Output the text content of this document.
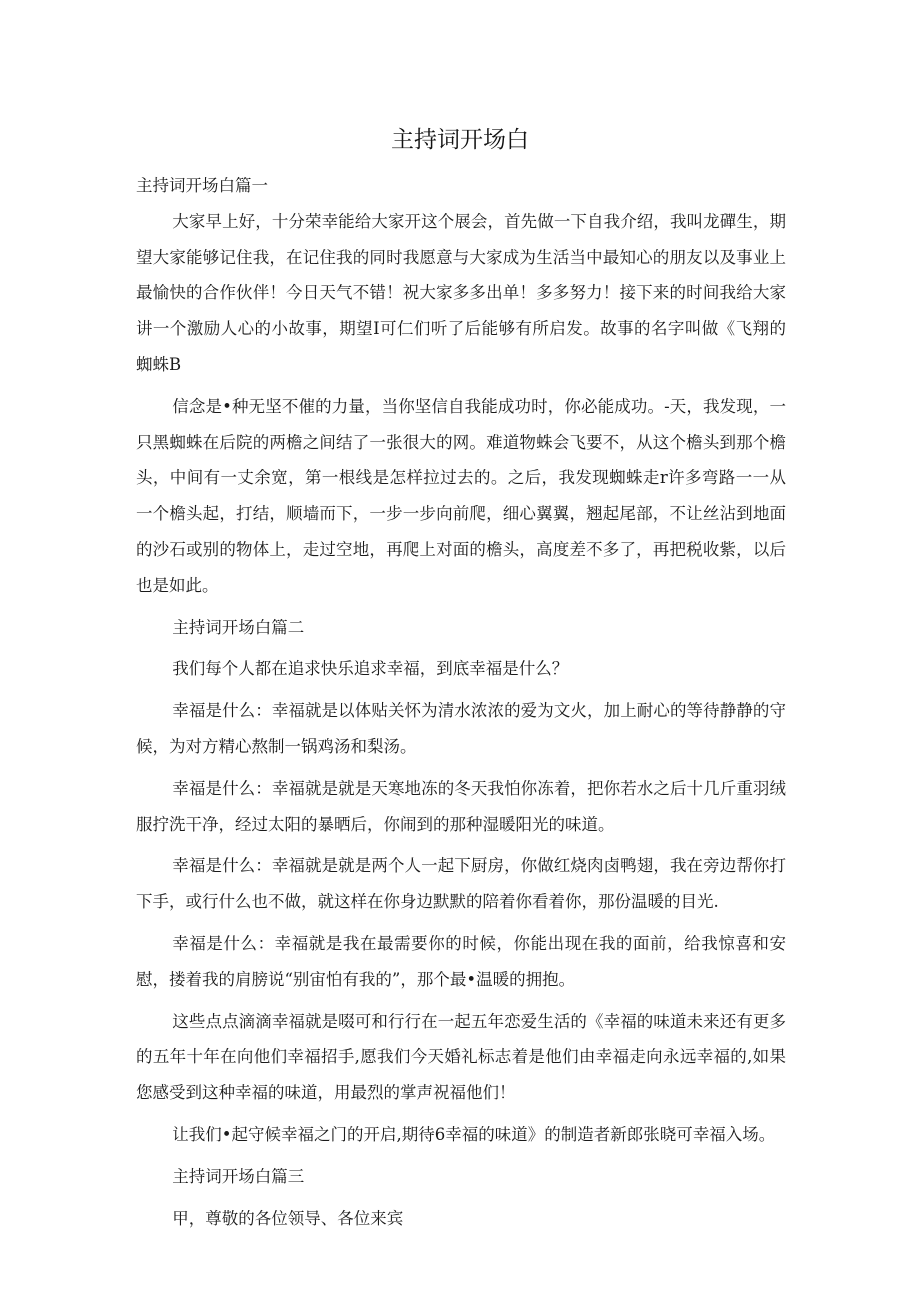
主持词开场白

主持词开场白篇一

大家早上好，十分荣幸能给大家开这个展会，首先做一下自我介绍，我叫龙磾生，期望大家能够记住我，在记住我的同时我愿意与大家成为生活当中最知心的朋友以及事业上最愉快的合作伙伴！今日天气不错！祝大家多多出单！多多努力！接下来的时间我给大家讲一个激励人心的小故事，期望I可仁们听了后能够有所启发。故事的名字叫做《飞翔的蜘蛛B

信念是•种无坚不催的力量，当你坚信自我能成功时，你必能成功。-天，我发现，一只黑蜘蛛在后院的两檐之间结了一张很大的网。难道物蛛会飞要不，从这个檐头到那个檐头，中间有一丈余宽，第一根线是怎样拉过去的。之后，我发现蜘蛛走r许多弯路一一从一个檐头起，打结，顺墙而下，一步一步向前爬，细心翼翼，翘起尾部，不让丝沾到地面的沙石或别的物体上，走过空地，再爬上对面的檐头，高度差不多了，再把税收紫，以后也是如此。

主持词开场白篇二

我们每个人都在追求快乐追求幸福，到底幸福是什么？

幸福是什么：幸福就是以体贴关怀为清水浓浓的爱为文火，加上耐心的等待静静的守候，为对方精心熬制一锅鸡汤和梨汤。

幸福是什么：幸福就是就是天寒地冻的冬天我怕你冻着，把你若水之后十几斤重羽绒服拧洗干净，经过太阳的暴晒后，你闹到的那种湿暖阳光的味道。

幸福是什么：幸福就是就是两个人一起下厨房，你做红烧肉卤鸭翅，我在旁边帮你打下手，或行什么也不做，就这样在你身边默默的陪着你看着你，那份温暖的目光.

幸福是什么：幸福就是我在最需要你的时候，你能出现在我的面前，给我惊喜和安慰，搂着我的肩膀说“别宙怕有我的”，那个最•温暖的拥抱。

这些点点滴滴幸福就是啜可和行行在一起五年恋爱生活的《幸福的味道未来还有更多的五年十年在向他们幸福招手,愿我们今天婚礼标志着是他们由幸福走向永远幸福的,如果您感受到这种幸福的味道，用最烈的掌声祝福他们！

让我们•起守候幸福之门的开启,期待6幸福的味道》的制造者新郎张晓可幸福入场。

主持词开场白篇三

甲，尊敬的各位领导、各位来宾
